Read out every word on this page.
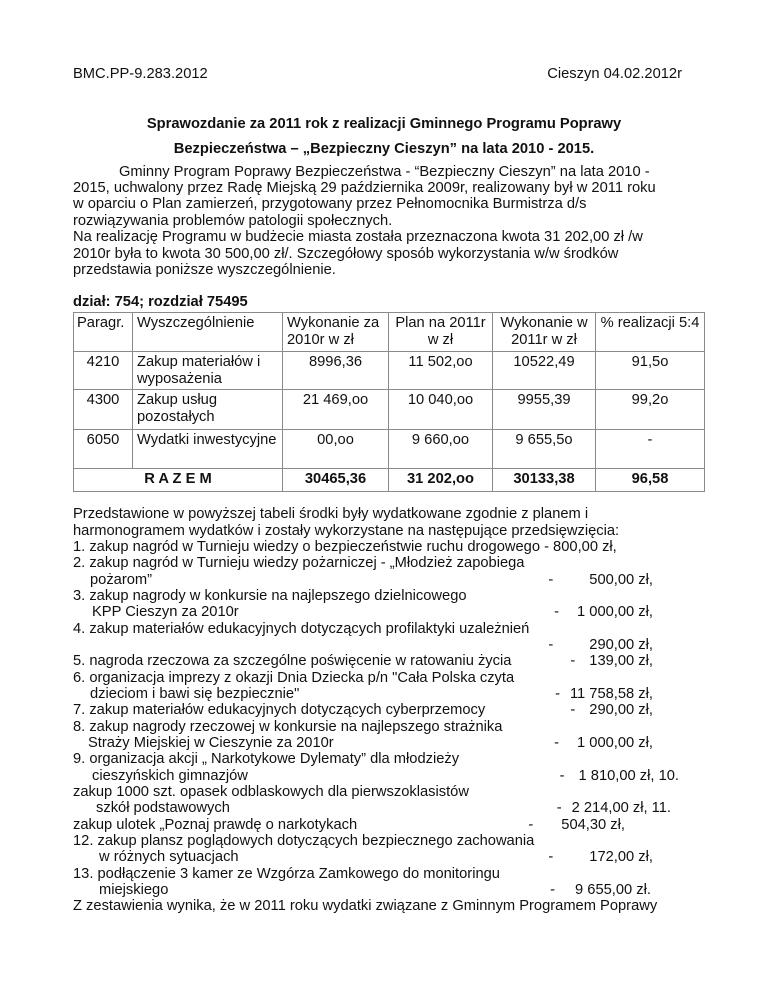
BMC.PP-9.283.2012	Cieszyn 04.02.2012r
Sprawozdanie za 2011 rok z realizacji Gminnego Programu Poprawy
Bezpieczeństwa – „Bezpieczny Cieszyn” na lata 2010 - 2015.
Gminny Program Poprawy Bezpieczeństwa - “Bezpieczny Cieszyn” na lata 2010 -
2015, uchwalony przez Radę Miejską 29 października 2009r, realizowany był w 2011 roku
w oparciu o Plan zamierzeń, przygotowany przez Pełnomocnika Burmistrza d/s
rozwiązywania problemów patologii społecznych.
Na realizację Programu w budżecie miasta została przeznaczona kwota 31 202,00 zł /w
2010r była to kwota 30 500,00 zł/. Szczegółowy sposób wykorzystania w/w środków
przedstawia poniższe wyszczególnienie.
dział: 754; rozdział 75495
Paragr.	Wyszczególnienie	Wykonanie za 2010r w zł	Plan na 2011r w zł	Wykonanie w 2011r w zł	% realizacji 5:4
4210	Zakup materiałów i wyposażenia	8996,36	11 502,oo	10522,49	91,5o
4300	Zakup usług pozostałych	21 469,oo	10 040,oo	9955,39	99,2o
6050	Wydatki inwestycyjne	00,oo	9 660,oo	9 655,5o	-
R A Z E M		30465,36	31 202,oo	30133,38	96,58
Przedstawione w powyższej tabeli środki były wydatkowane zgodnie z planem i
harmonogramem wydatków i zostały wykorzystane na następujące przedsięwzięcia:
1. zakup nagród w Turnieju wiedzy o bezpieczeństwie ruchu drogowego - 800,00 zł,
2. zakup nagród w Turnieju wiedzy pożarniczej - „Młodzież zapobiega
pożarom”	- 500,00 zł,
3. zakup nagrody w konkursie na najlepszego dzielnicowego
KPP Cieszyn za 2010r	- 1 000,00 zł,
4. zakup materiałów edukacyjnych dotyczących profilaktyki uzależnień
- 290,00 zł,
5. nagroda rzeczowa za szczególne poświęcenie w ratowaniu życia	- 139,00 zł,
6. organizacja imprezy z okazji Dnia Dziecka p/n "Cała Polska czyta
dzieciom i bawi się bezpiecznie"	- 11 758,58 zł,
7. zakup materiałów edukacyjnych dotyczących cyberprzemocy	- 290,00 zł,
8. zakup nagrody rzeczowej w konkursie na najlepszego strażnika
Straży Miejskiej w Cieszynie za 2010r	- 1 000,00 zł,
9. organizacja akcji „ Narkotykowe Dylematy” dla młodzieży
cieszyńskich gimnazjów	- 1 810,00 zł, 10.
zakup 1000 szt. opasek odblaskowych dla pierwszoklasistów
szkół podstawowych	- 2 214,00 zł, 11.
zakup ulotek „Poznaj prawdę o narkotykach	- 504,30 zł,
12. zakup plansz poglądowych dotyczących bezpiecznego zachowania
w różnych sytuacjach	- 172,00 zł,
13. podłączenie 3 kamer ze Wzgórza Zamkowego do monitoringu
miejskiego	- 9 655,00 zł.
Z zestawienia wynika, że w 2011 roku wydatki związane z Gminnym Programem Poprawy
